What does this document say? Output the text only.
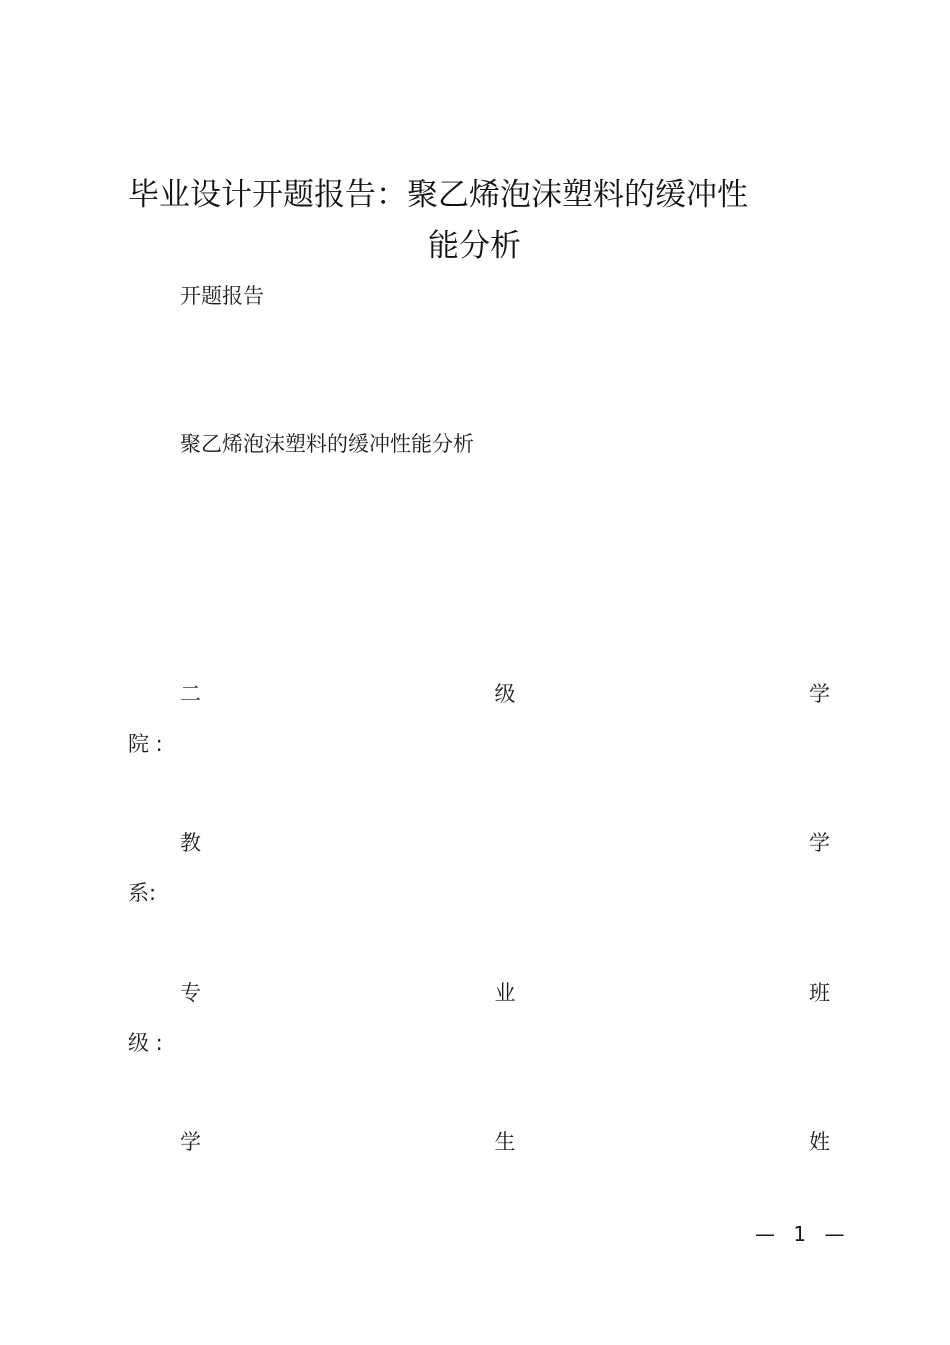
毕业设计开题报告：聚乙烯泡沫塑料的缓冲性
能分析
开题报告
聚乙烯泡沫塑料的缓冲性能分析
二	级	学
院 :
教	学
系:
专	业	班
级 :
学	生	姓
— 1 —
